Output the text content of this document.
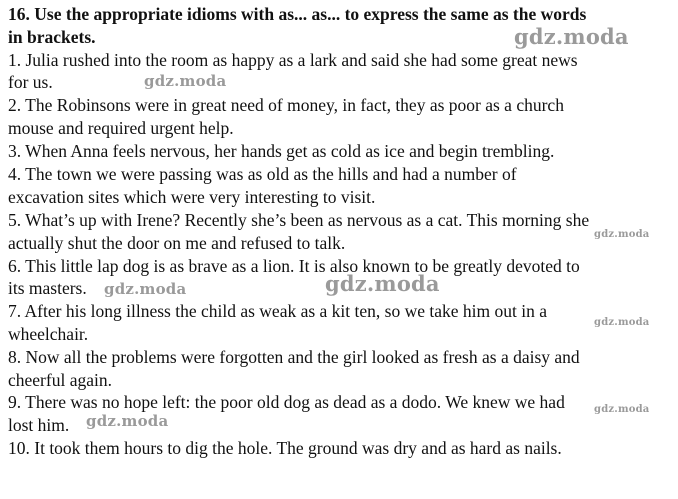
16. Use the appropriate idioms with as... as... to express the same as the words
in brackets.
1. Julia rushed into the room as happy as a lark and said she had some great news
for us.
2. The Robinsons were in great need of money, in fact, they as poor as a church
mouse and required urgent help.
3. When Anna feels nervous, her hands get as cold as ice and begin trembling.
4. The town we were passing was as old as the hills and had a number of
excavation sites which were very interesting to visit.
5. What’s up with Irene? Recently she’s been as nervous as a cat. This morning she
actually shut the door on me and refused to talk.
6. This little lap dog is as brave as a lion. It is also known to be greatly devoted to
its masters.
7. After his long illness the child as weak as a kit ten, so we take him out in a
wheelchair.
8. Now all the problems were forgotten and the girl looked as fresh as a daisy and
cheerful again.
9. There was no hope left: the poor old dog as dead as a dodo. We knew we had
lost him.
10. It took them hours to dig the hole. The ground was dry and as hard as nails.
gdz.moda
gdz.moda
gdz.moda
gdz.moda
gdz.moda
gdz.moda
gdz.moda
gdz.moda
